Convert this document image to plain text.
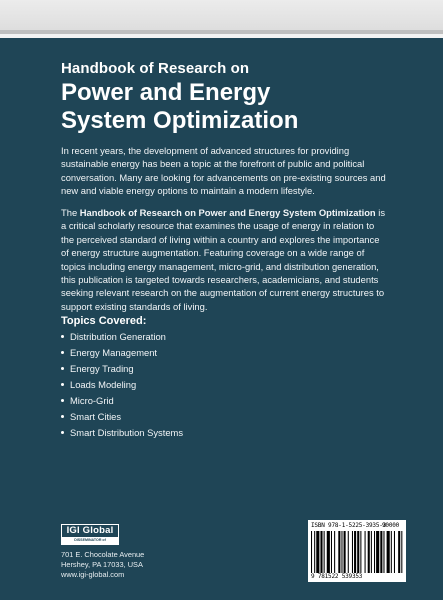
Handbook of Research on
Power and Energy
System Optimization
In recent years, the development of advanced structures for providing sustainable energy has been a topic at the forefront of public and political conversation. Many are looking for advancements on pre-existing sources and new and viable energy options to maintain a modern lifestyle.
The Handbook of Research on Power and Energy System Optimization is a critical scholarly resource that examines the usage of energy in relation to the perceived standard of living within a country and explores the importance of energy structure augmentation. Featuring coverage on a wide range of topics including energy management, micro-grid, and distribution generation, this publication is targeted towards researchers, academicians, and students seeking relevant research on the augmentation of current energy structures to support existing standards of living.
Topics Covered:
Distribution Generation
Energy Management
Energy Trading
Loads Modeling
Micro-Grid
Smart Cities
Smart Distribution Systems
IGI Global
DISSEMINATOR of KNOWLEDGE
701 E. Chocolate Avenue
Hershey, PA 17033, USA
www.igi-global.com
ISBN 978-1-5225-3935-3
9 781522 539353
90000
